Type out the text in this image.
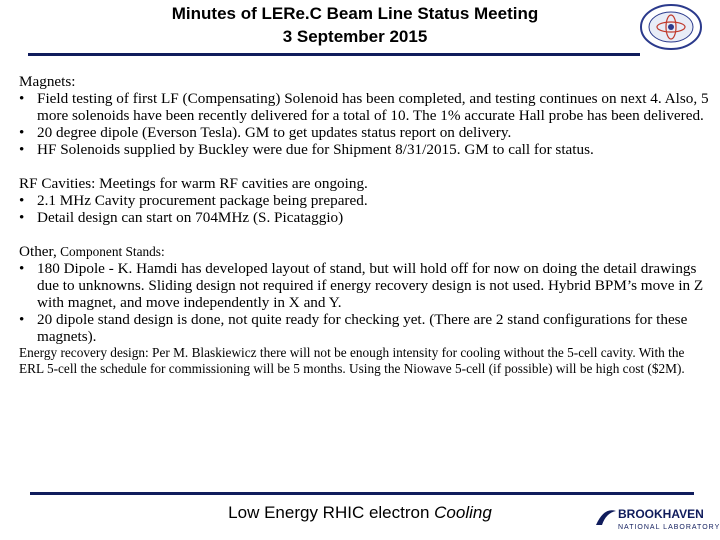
Minutes of LERe.C Beam Line Status Meeting
3 September 2015

Magnets:

• Field testing of first LF (Compensating) Solenoid has been completed, and testing continues on next 4. Also, 5 more solenoids have been recently delivered for a total of 10. The 1% accurate Hall probe has been delivered.
• 20 degree dipole (Everson Tesla). GM to get updates status report on delivery.
• HF Solenoids supplied by Buckley were due for Shipment 8/31/2015. GM to call for status.

RF Cavities: Meetings for warm RF cavities are ongoing.

• 2.1 MHz Cavity procurement package being prepared.
• Detail design can start on 704MHz (S. Picataggio)

Other, Component Stands:

• 180 Dipole - K. Hamdi has developed layout of stand, but will hold off for now on doing the detail drawings due to unknowns. Sliding design not required if energy recovery design is not used. Hybrid BPM’s move in Z with magnet, and move independently in X and Y.
• 20 dipole stand design is done, not quite ready for checking yet. (There are 2 stand configurations for these magnets).

Energy recovery design: Per M. Blaskiewicz there will not be enough intensity for cooling without the 5-cell cavity. With the ERL 5-cell the schedule for commissioning will be 5 months. Using the Niowave 5-cell (if possible) will be high cost ($2M).

Low Energy RHIC electron Cooling	BROOKHAVEN
NATIONAL LABORATORY
